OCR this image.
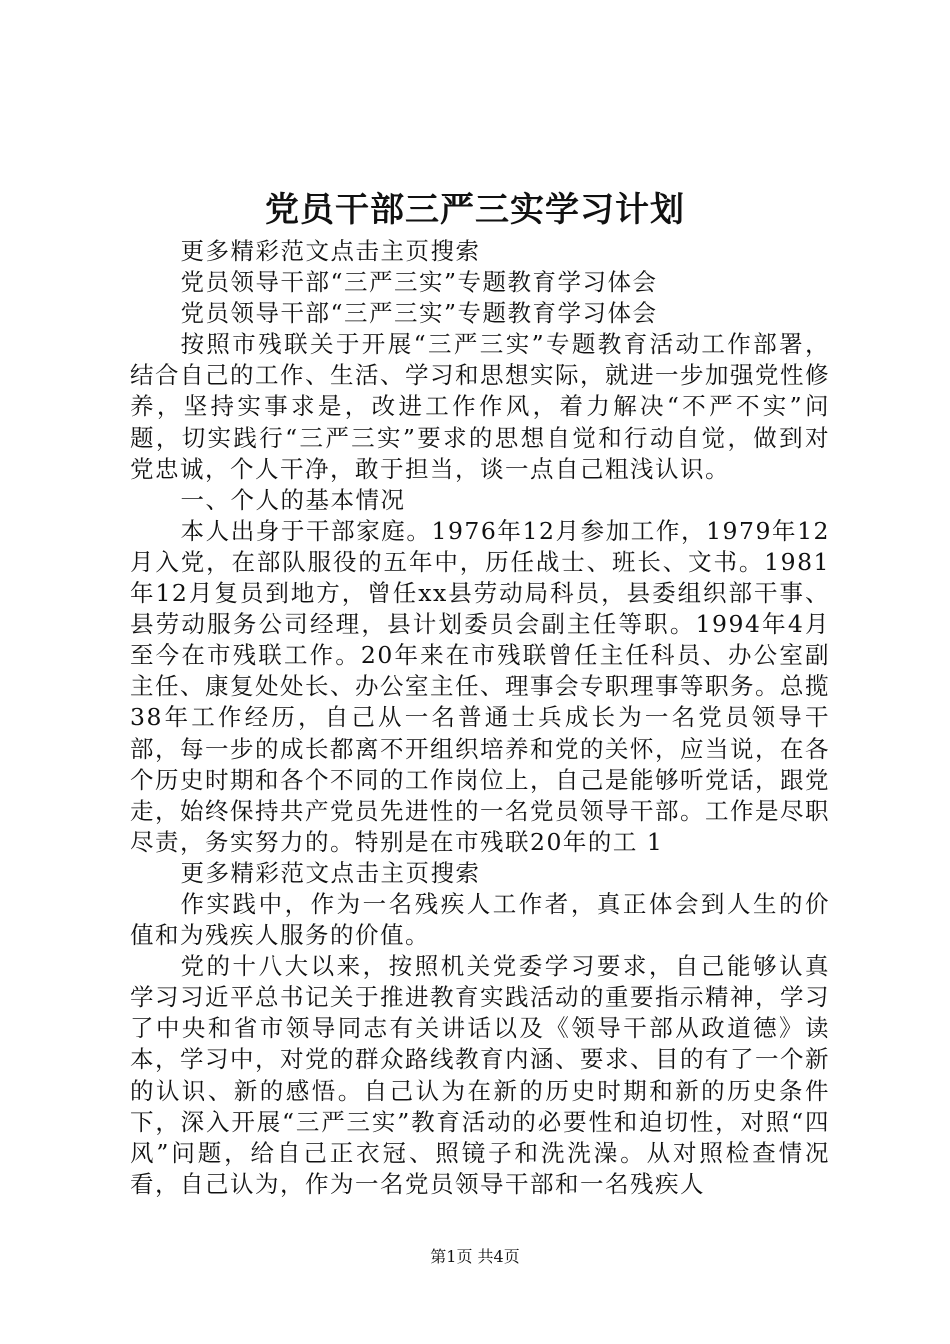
党员干部三严三实学习计划

更多精彩范文点击主页搜索

党员领导干部“三严三实”专题教育学习体会

党员领导干部“三严三实”专题教育学习体会

按照市残联关于开展“三严三实”专题教育活动工作部署，结合自己的工作、生活、学习和思想实际，就进一步加强党性修养，坚持实事求是，改进工作作风，着力解决“不严不实”问题，切实践行“三严三实”要求的思想自觉和行动自觉，做到对党忠诚，个人干净，敢于担当，谈一点自己粗浅认识。

一、个人的基本情况

本人出身于干部家庭。1976年12月参加工作，1979年12月入党，在部队服役的五年中，历任战士、班长、文书。1981年12月复员到地方，曾任xx县劳动局科员，县委组织部干事、县劳动服务公司经理，县计划委员会副主任等职。1994年4月至今在市残联工作。20年来在市残联曾任主任科员、办公室副主任、康复处处长、办公室主任、理事会专职理事等职务。总揽38年工作经历，自己从一名普通士兵成长为一名党员领导干部，每一步的成长都离不开组织培养和党的关怀，应当说，在各个历史时期和各个不同的工作岗位上，自己是能够听党话，跟党走，始终保持共产党员先进性的一名党员领导干部。工作是尽职尽责，务实努力的。特别是在市残联20年的工 1

更多精彩范文点击主页搜索

作实践中，作为一名残疾人工作者，真正体会到人生的价值和为残疾人服务的价值。

党的十八大以来，按照机关党委学习要求，自己能够认真学习习近平总书记关于推进教育实践活动的重要指示精神，学习了中央和省市领导同志有关讲话以及《领导干部从政道德》读本，学习中，对党的群众路线教育内涵、要求、目的有了一个新的认识、新的感悟。自己认为在新的历史时期和新的历史条件下，深入开展“三严三实”教育活动的必要性和迫切性，对照“四风”问题，给自己正衣冠、照镜子和洗洗澡。从对照检查情况看，自己认为，作为一名党员领导干部和一名残疾人

第1页 共4页
